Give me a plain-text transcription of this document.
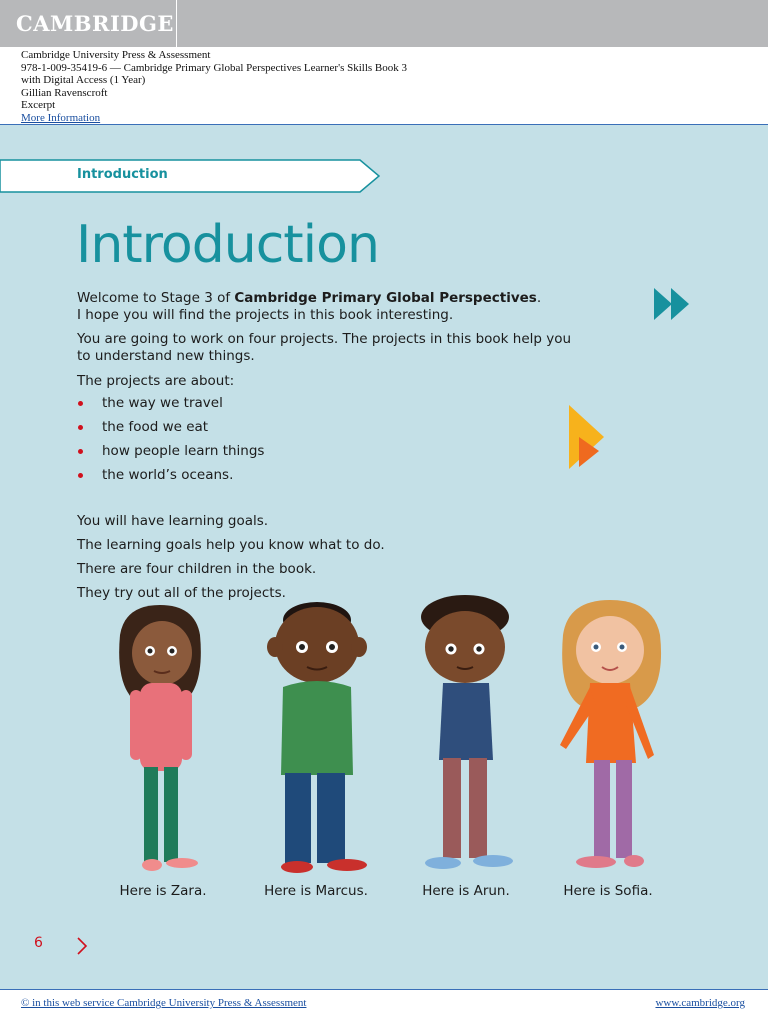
CAMBRIDGE
Cambridge University Press & Assessment
978-1-009-35419-6 — Cambridge Primary Global Perspectives Learner's Skills Book 3
with Digital Access (1 Year)
Gillian Ravenscroft
Excerpt
More Information
Introduction
Introduction
Welcome to Stage 3 of Cambridge Primary Global Perspectives.
I hope you will find the projects in this book interesting.
You are going to work on four projects. The projects in this book help you
to understand new things.
The projects are about:
the way we travel
the food we eat
how people learn things
the world’s oceans.
You will have learning goals.
The learning goals help you know what to do.
There are four children in the book.
They try out all of the projects.
Here is Zara.	Here is Marcus.	Here is Arun.	Here is Sofia.
6
© in this web service Cambridge University Press & Assessment	www.cambridge.org
